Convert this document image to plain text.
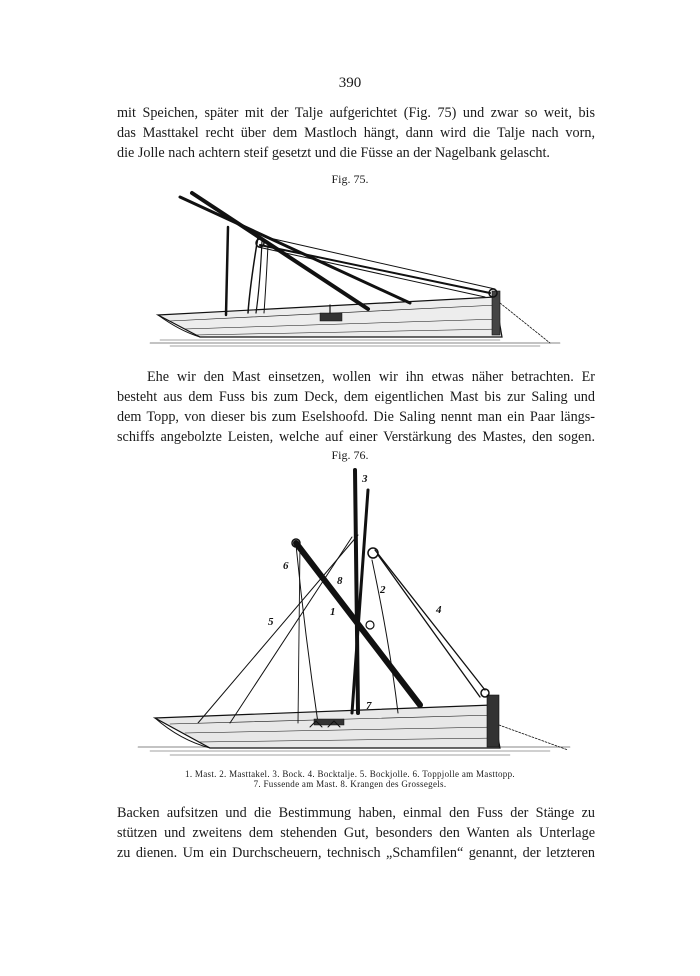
390
mit Speichen, später mit der Talje aufgerichtet (Fig. 75) und zwar so weit, bis
das Masttakel recht über dem Mastloch hängt, dann wird die Talje nach vorn,
die Jolle nach achtern steif gesetzt und die Füsse an der Nagelbank gelascht.
Fig. 75.
Ehe wir den Mast einsetzen, wollen wir ihn etwas näher betrachten. Er
besteht aus dem Fuss bis zum Deck, dem eigentlichen Mast bis zur Saling und
dem Topp, von dieser bis zum Eselshoofd. Die Saling nennt man ein Paar längs-
schiffs angebolzte Leisten, welche auf einer Verstärkung des Mastes, den sogen.
Fig. 76.
1
2
3
4
5
6
7
8
1. Mast. 2. Masttakel. 3. Bock. 4. Bocktalje. 5. Bockjolle. 6. Toppjolle am Masttopp.
7. Fussende am Mast. 8. Krangen des Grossegels.
Backen aufsitzen und die Bestimmung haben, einmal den Fuss der Stänge zu
stützen und zweitens dem stehenden Gut, besonders den Wanten als Unterlage
zu dienen. Um ein Durchscheuern, technisch „Schamfilen“ genannt, der letzteren
